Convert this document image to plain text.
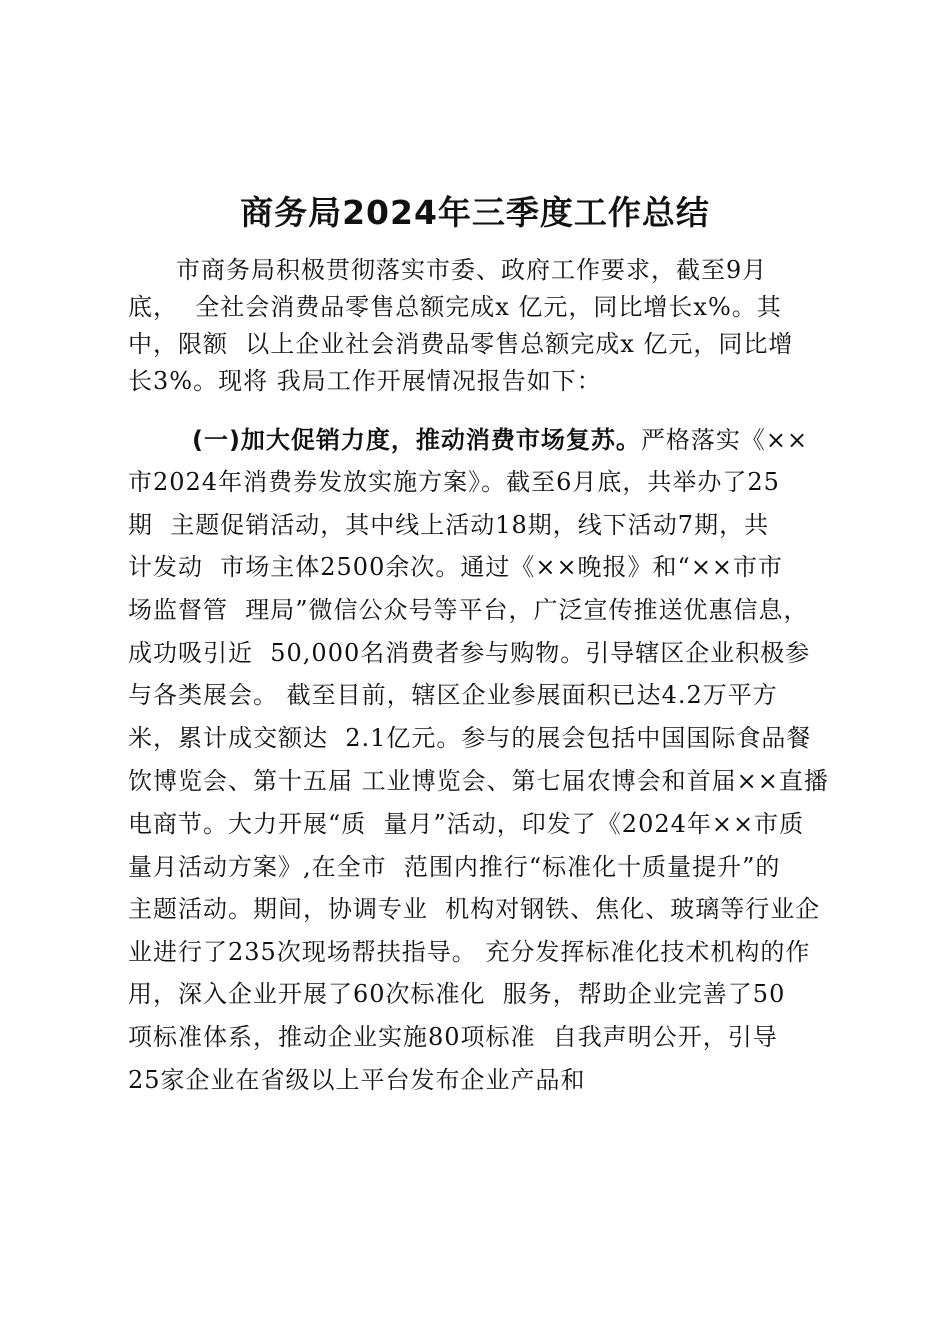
商务局2024年三季度工作总结
市商务局积极贯彻落实市委、政府工作要求，截至9月
底，  全社会消费品零售总额完成x 亿元，同比增长x%。其
中，限额  以上企业社会消费品零售总额完成x 亿元，同比增
长3%。现将 我局工作开展情况报告如下：
(一)加大促销力度，推动消费市场复苏。严格落实《××
市2024年消费券发放实施方案》。截至6月底，共举办了25
期  主题促销活动，其中线上活动18期，线下活动7期，共
计发动  市场主体2500余次。通过《××晚报》和“××市市
场监督管  理局”微信公众号等平台，广泛宣传推送优惠信息，
成功吸引近  50,000名消费者参与购物。引导辖区企业积极参
与各类展会。 截至目前，辖区企业参展面积已达4.2万平方
米，累计成交额达  2.1亿元。参与的展会包括中国国际食品餐
饮博览会、第十五届 工业博览会、第七届农博会和首届××直播
电商节。大力开展“质  量月”活动，印发了《2024年××市质
量月活动方案》,在全市  范围内推行“标准化十质量提升”的
主题活动。期间，协调专业  机构对钢铁、焦化、玻璃等行业企
业进行了235次现场帮扶指导。 充分发挥标准化技术机构的作
用，深入企业开展了60次标准化  服务，帮助企业完善了50
项标准体系，推动企业实施80项标准  自我声明公开，引导
25家企业在省级以上平台发布企业产品和
